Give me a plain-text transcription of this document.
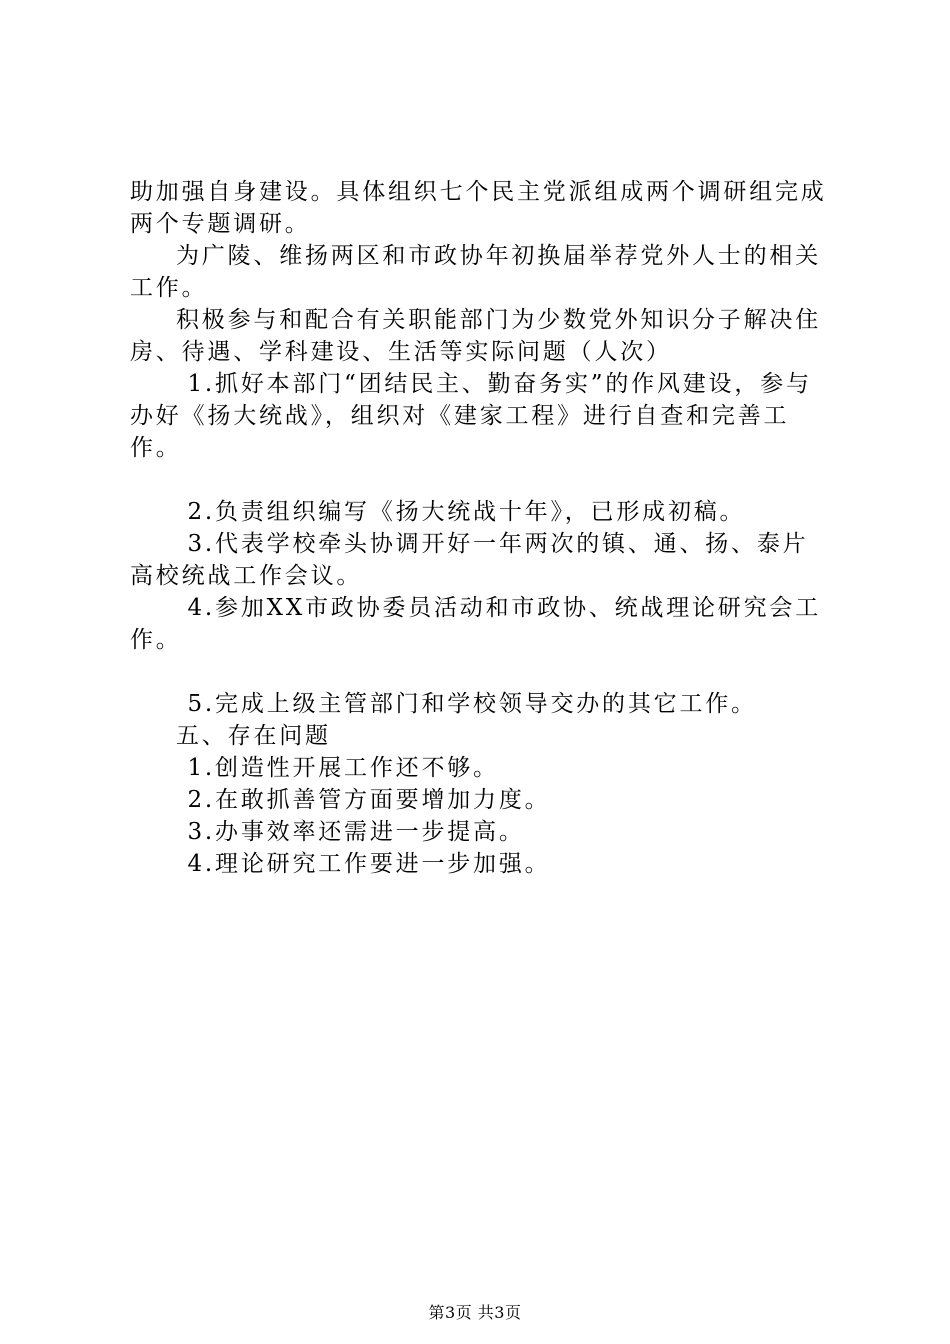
助加强自身建设。具体组织七个民主党派组成两个调研组完成两个专题调研。

为广陵、维扬两区和市政协年初换届举荐党外人士的相关工作。

积极参与和配合有关职能部门为少数党外知识分子解决住房、待遇、学科建设、生活等实际问题（人次）

1.抓好本部门“团结民主、勤奋务实”的作风建设，参与办好《扬大统战》，组织对《建家工程》进行自查和完善工作。

2.负责组织编写《扬大统战十年》，已形成初稿。

3.代表学校牵头协调开好一年两次的镇、通、扬、泰片高校统战工作会议。

4.参加XX市政协委员活动和市政协、统战理论研究会工作。

5.完成上级主管部门和学校领导交办的其它工作。

五、存在问题

1.创造性开展工作还不够。

2.在敢抓善管方面要增加力度。

3.办事效率还需进一步提高。

4.理论研究工作要进一步加强。

第3页 共3页
